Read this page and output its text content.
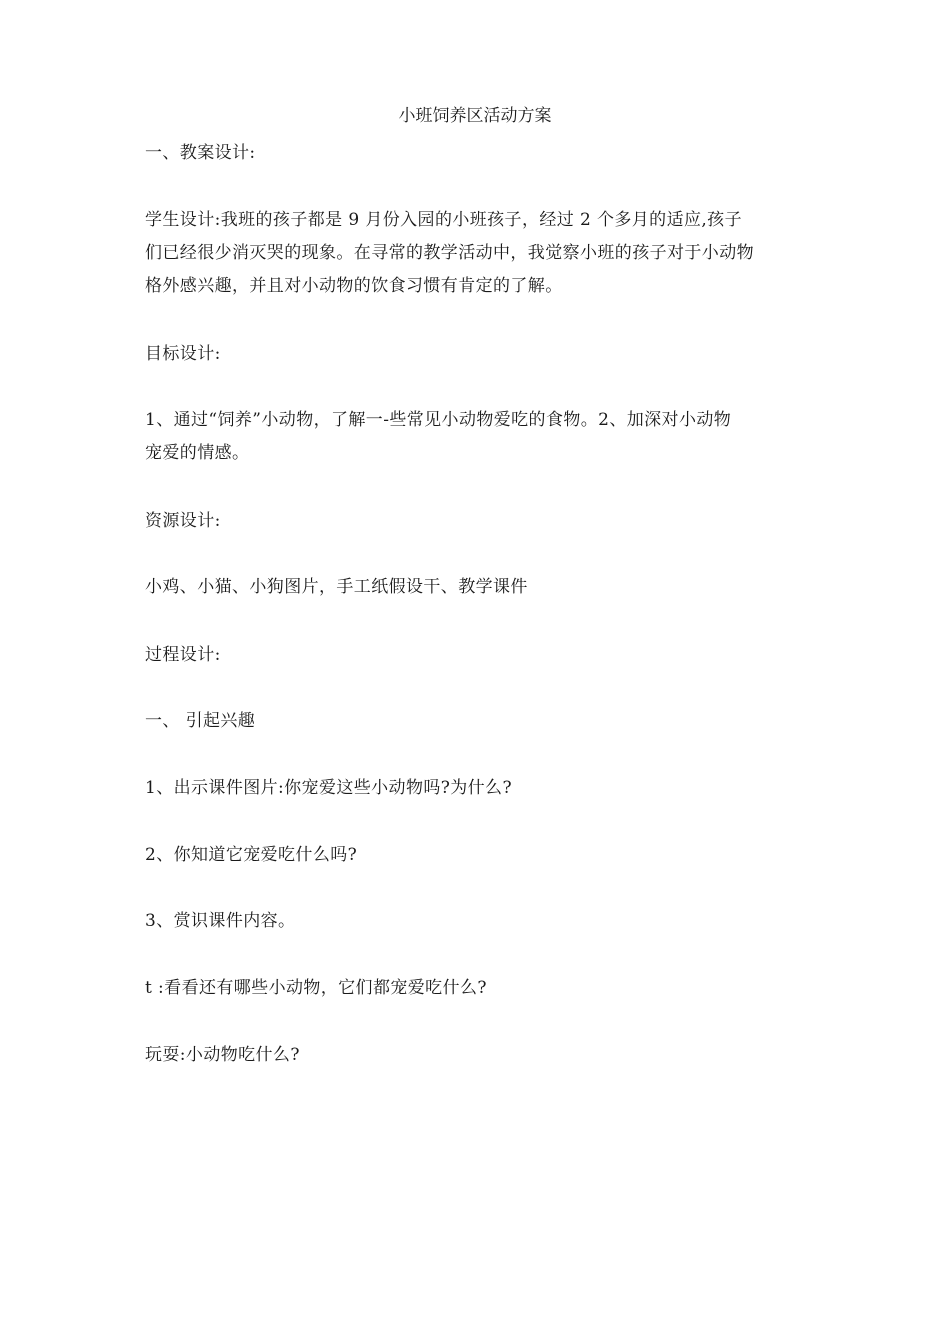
小班饲养区活动方案
一、教案设计:
学生设计:我班的孩子都是 9 月份入园的小班孩子，经过 2 个多月的适应,孩子
们已经很少消灭哭的现象。在寻常的教学活动中，我觉察小班的孩子对于小动物
格外感兴趣，并且对小动物的饮食习惯有肯定的了解。
目标设计:
1、通过“饲养”小动物，了解一-些常见小动物爱吃的食物。2、加深对小动物
宠爱的情感。
资源设计:
小鸡、小猫、小狗图片，手工纸假设干、教学课件
过程设计:
一、 引起兴趣
1、出示课件图片:你宠爱这些小动物吗?为什么?
2、你知道它宠爱吃什么吗?
3、赏识课件内容。
t :看看还有哪些小动物，它们都宠爱吃什么?
玩耍:小动物吃什么?
